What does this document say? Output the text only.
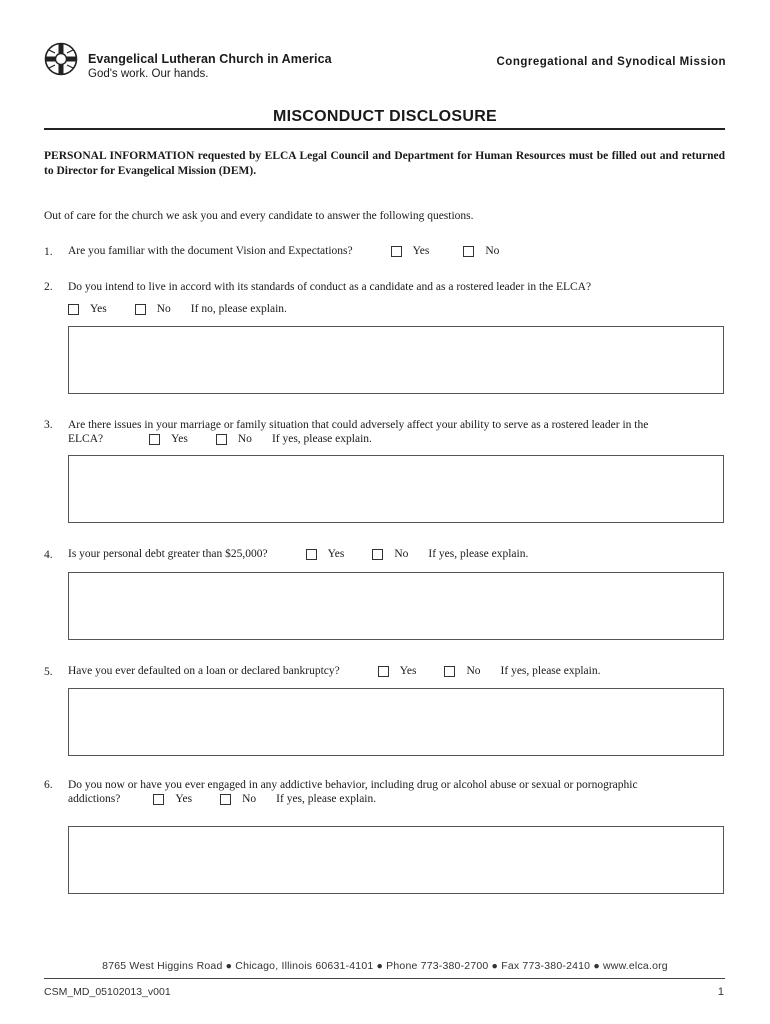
Evangelical Lutheran Church in America
God's work. Our hands.
Congregational and Synodical Mission
MISCONDUCT DISCLOSURE
PERSONAL INFORMATION requested by ELCA Legal Council and Department for Human Resources must be filled out and returned to Director for Evangelical Mission (DEM).
Out of care for the church we ask you and every candidate to answer the following questions.
1. Are you familiar with the document Vision and Expectations?	Yes	No
2. Do you intend to live in accord with its standards of conduct as a candidate and as a rostered leader in the ELCA?
Yes	No If no, please explain.
3. Are there issues in your marriage or family situation that could adversely affect your ability to serve as a rostered leader in the
ELCA?	Yes	No If yes, please explain.
4. Is your personal debt greater than $25,000?	Yes	No If yes, please explain.
5. Have you ever defaulted on a loan or declared bankruptcy?	Yes	No If yes, please explain.
6. Do you now or have you ever engaged in any addictive behavior, including drug or alcohol abuse or sexual or pornographic
addictions?	Yes	No If yes, please explain.
8765 West Higgins Road ● Chicago, Illinois 60631-4101 ● Phone 773-380-2700 ● Fax 773-380-2410 ● www.elca.org
CSM_MD_05102013_v001	1
